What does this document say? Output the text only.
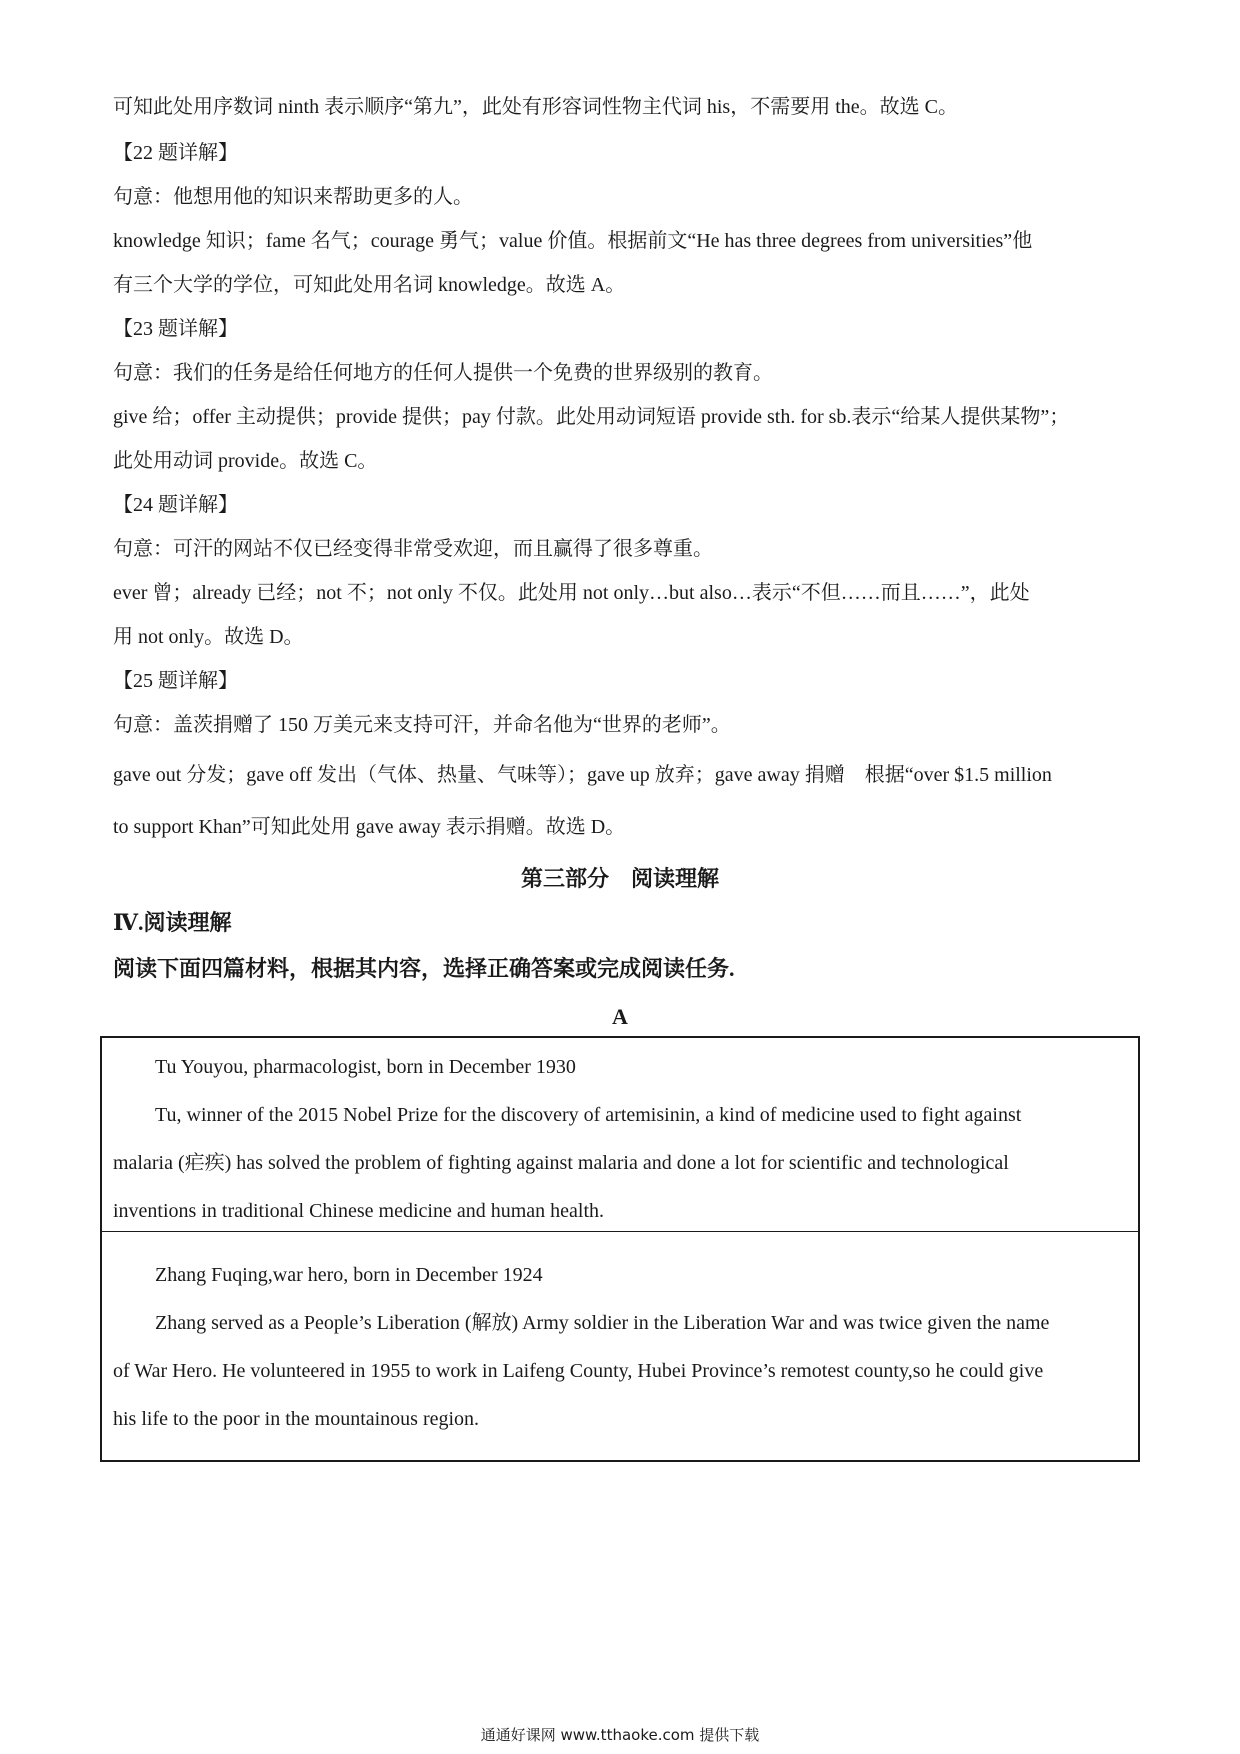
可知此处用序数词 ninth 表示顺序“第九”，此处有形容词性物主代词 his，不需要用 the。故选 C。
【22 题详解】
句意：他想用他的知识来帮助更多的人。
knowledge 知识；fame 名气；courage 勇气；value 价值。根据前文“He has three degrees from universities”他
有三个大学的学位，可知此处用名词 knowledge。故选 A。
【23 题详解】
句意：我们的任务是给任何地方的任何人提供一个免费的世界级别的教育。
give 给；offer 主动提供；provide 提供；pay 付款。此处用动词短语 provide sth. for sb.表示“给某人提供某物”；
此处用动词 provide。故选 C。
【24 题详解】
句意：可汗的网站不仅已经变得非常受欢迎，而且赢得了很多尊重。
ever 曾；already 已经；not 不；not only 不仅。此处用 not only…but also…表示“不但……而且……”，此处
用 not only。故选 D。
【25 题详解】
句意：盖茨捐赠了 150 万美元来支持可汗，并命名他为“世界的老师”。
gave out 分发；gave off 发出（气体、热量、气味等）；gave up 放弃；gave away 捐赠　根据“over $1.5 million
to support Khan”可知此处用 gave away 表示捐赠。故选 D。
第三部分　阅读理解
Ⅳ.阅读理解
阅读下面四篇材料，根据其内容，选择正确答案或完成阅读任务.
A
Tu Youyou, pharmacologist, born in December 1930
Tu, winner of the 2015 Nobel Prize for the discovery of artemisinin, a kind of medicine used to fight against
malaria (疟疾) has solved the problem of fighting against malaria and done a lot for scientific and technological
inventions in traditional Chinese medicine and human health.
Zhang Fuqing,war hero, born in December 1924
Zhang served as a People’s Liberation (解放) Army soldier in the Liberation War and was twice given the name
of War Hero. He volunteered in 1955 to work in Laifeng County, Hubei Province’s remotest county,so he could give
his life to the poor in the mountainous region.
通通好课网 www.tthaoke.com 提供下载
